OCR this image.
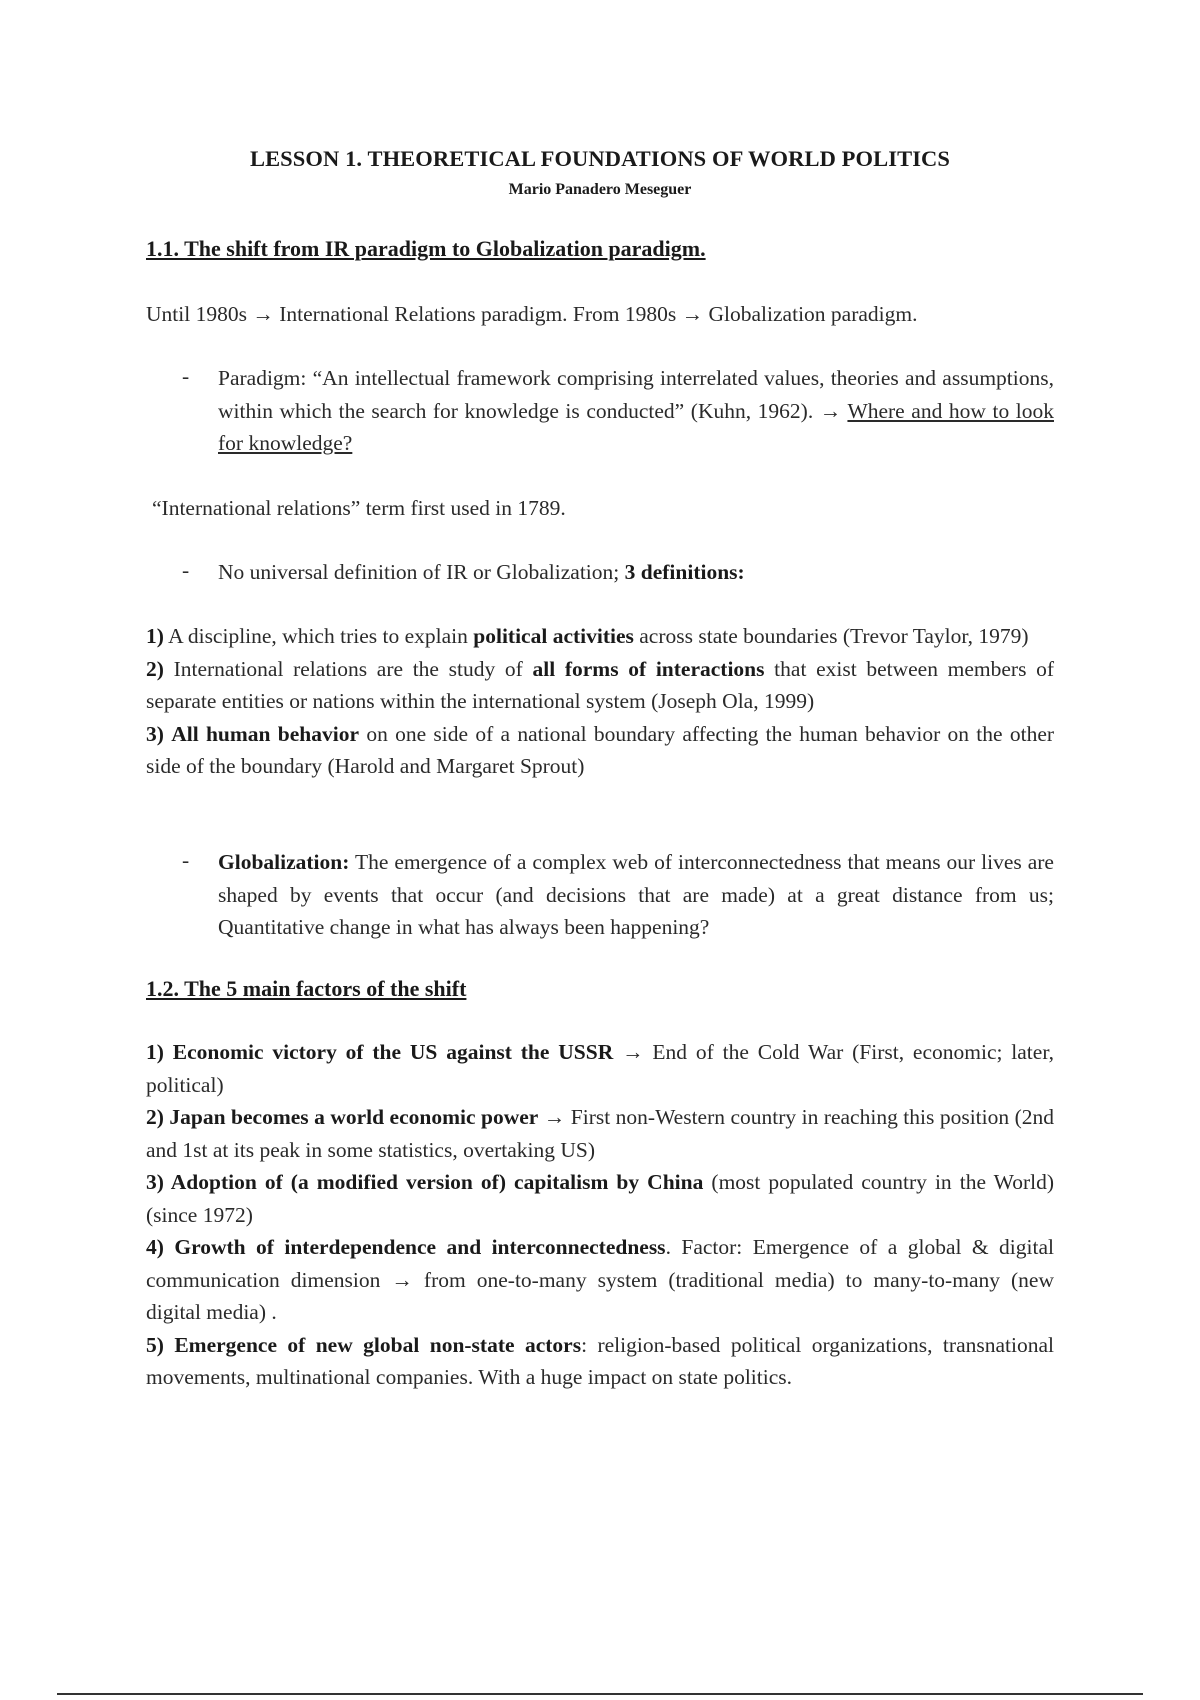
LESSON 1. THEORETICAL FOUNDATIONS OF WORLD POLITICS
Mario Panadero Meseguer
1.1. The shift from IR paradigm to Globalization paradigm.
Until 1980s → International Relations paradigm. From 1980s → Globalization paradigm.
- Paradigm: “An intellectual framework comprising interrelated values, theories and assumptions, within which the search for knowledge is conducted” (Kuhn, 1962). → Where and how to look for knowledge?
“International relations” term first used in 1789.
- No universal definition of IR or Globalization; 3 definitions:
1) A discipline, which tries to explain political activities across state boundaries (Trevor Taylor, 1979)
2) International relations are the study of all forms of interactions that exist between members of separate entities or nations within the international system (Joseph Ola, 1999)
3) All human behavior on one side of a national boundary affecting the human behavior on the other side of the boundary (Harold and Margaret Sprout)
- Globalization: The emergence of a complex web of interconnectedness that means our lives are shaped by events that occur (and decisions that are made) at a great distance from us; Quantitative change in what has always been happening?
1.2. The 5 main factors of the shift
1) Economic victory of the US against the USSR → End of the Cold War (First, economic; later, political)
2) Japan becomes a world economic power → First non-Western country in reaching this position (2nd and 1st at its peak in some statistics, overtaking US)
3) Adoption of (a modified version of) capitalism by China (most populated country in the World) (since 1972)
4) Growth of interdependence and interconnectedness. Factor: Emergence of a global & digital communication dimension → from one-to-many system (traditional media) to many-to-many (new digital media) .
5) Emergence of new global non-state actors: religion-based political organizations, transnational movements, multinational companies. With a huge impact on state politics.
